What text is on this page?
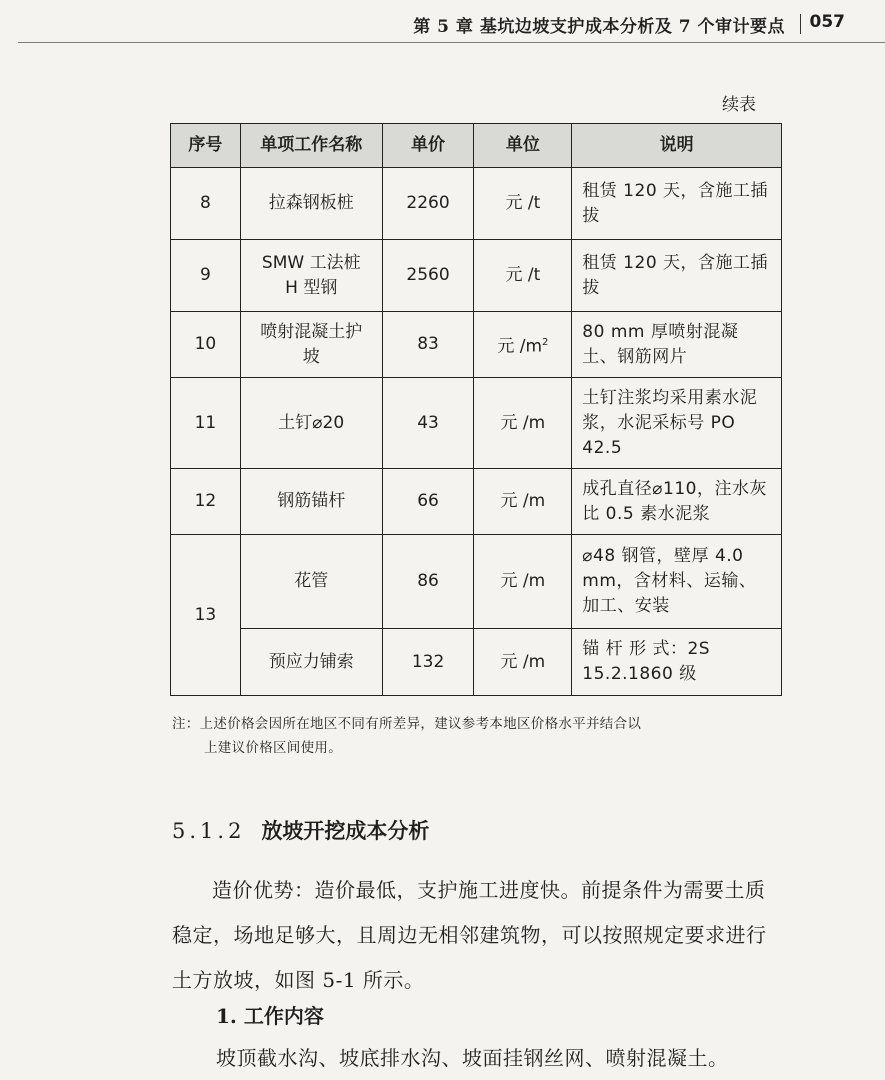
第 5 章 基坑边坡支护成本分析及 7 个审计要点 057
续表
序号	单项工作名称	单价	单位	说明
8	拉森钢板桩	2260	元 /t	租赁 120 天，含施工插拔
9	SMW 工法桩 H 型钢	2560	元 /t	租赁 120 天，含施工插拔
10	喷射混凝土护坡	83	元 $/m^2$	80 mm 厚喷射混凝土、钢筋网片
11	土钉⌀20	43	元 /m	土钉注浆均采用素水泥浆，水泥采标号 PO 42.5
12	钢筋锚杆	66	元 /m	成孔直径⌀110，注水灰比 0.5 素水泥浆
13	花管	86	元 /m	⌀48 钢管，壁厚 4.0 mm，含材料、运输、加工、安装
	预应力铺索	132	元 /m	锚 杆 形 式：2S 15.2.1860 级
注：上述价格会因所在地区不同有所差异，建议参考本地区价格水平并结合以
上建议价格区间使用。
5.1.2 放坡开挖成本分析
造价优势：造价最低，支护施工进度快。前提条件为需要土质稳定，场地足够大，且周边无相邻建筑物，可以按照规定要求进行土方放坡，如图 5-1 所示。
1. 工作内容
坡顶截水沟、坡底排水沟、坡面挂钢丝网、喷射混凝土。
